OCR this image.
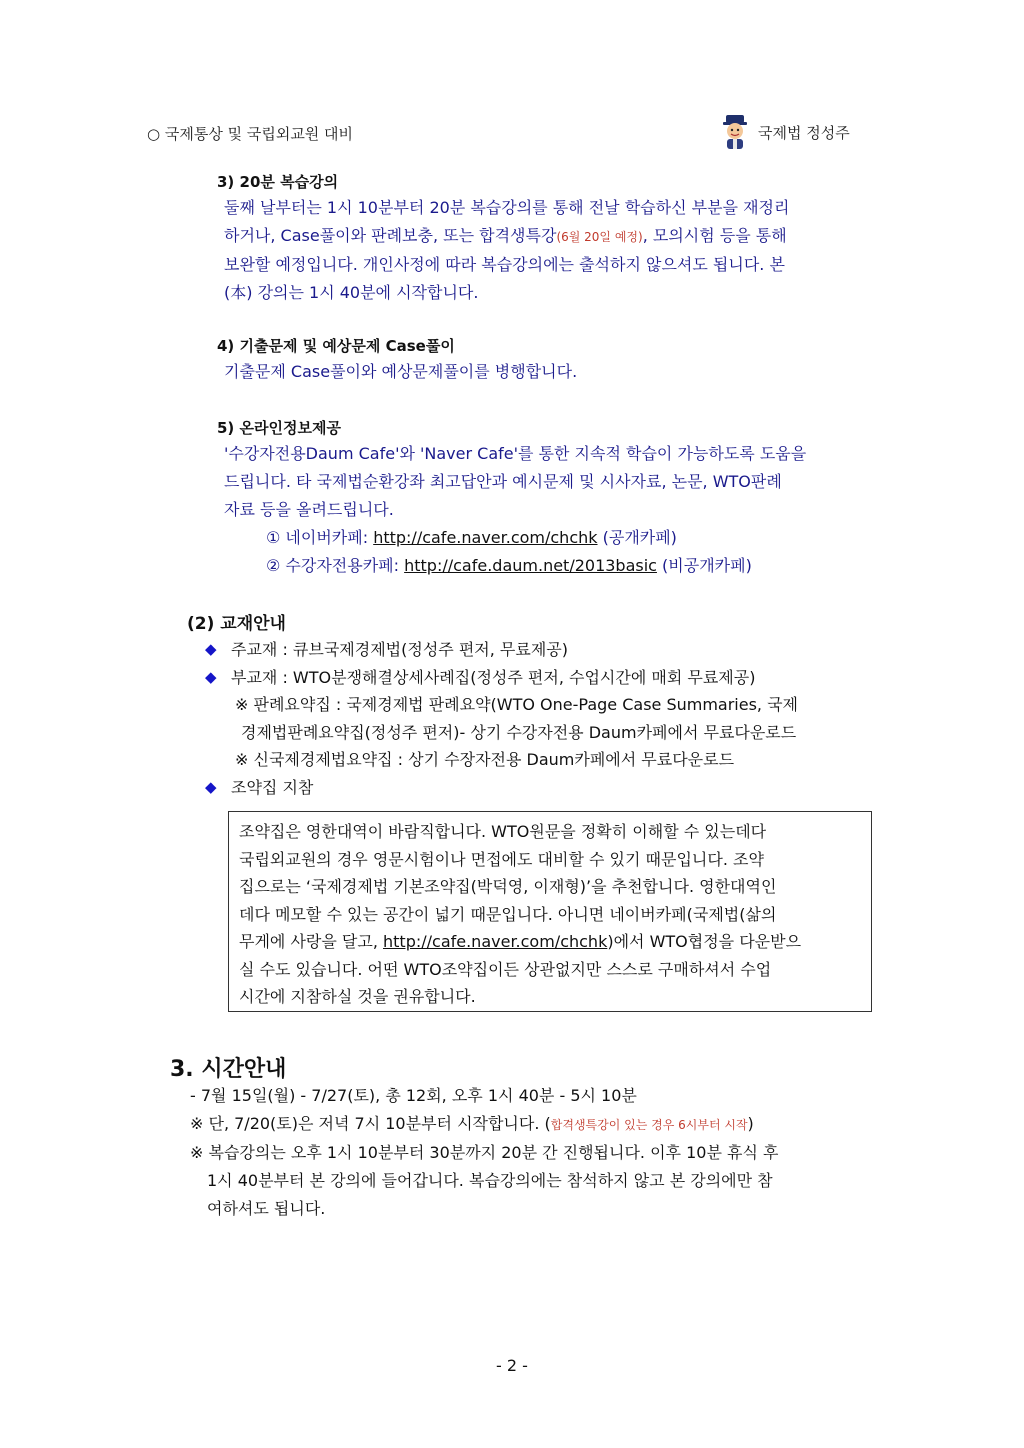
○ 국제통상 및 국립외교원 대비	국제법 정성주
3) 20분 복습강의
둘째 날부터는 1시 10분부터 20분 복습강의를 통해 전날 학습하신 부분을 재정리
하거나, Case풀이와 판례보충, 또는 합격생특강(6월 20일 예정), 모의시험 등을 통해
보완할 예정입니다. 개인사정에 따라 복습강의에는 출석하지 않으셔도 됩니다. 본
(本) 강의는 1시 40분에 시작합니다.
4) 기출문제 및 예상문제 Case풀이
기출문제 Case풀이와 예상문제풀이를 병행합니다.
5) 온라인정보제공
'수강자전용Daum Cafe'와 'Naver Cafe'를 통한 지속적 학습이 가능하도록 도움을
드립니다. 타 국제법순환강좌 최고답안과 예시문제 및 시사자료, 논문, WTO판례
자료 등을 올려드립니다.
① 네이버카페: http://cafe.naver.com/chchk (공개카페)
② 수강자전용카페: http://cafe.daum.net/2013basic (비공개카페)
(2) 교재안내
◆ 주교재 : 큐브국제경제법(정성주 편저, 무료제공)
◆ 부교재 : WTO분쟁해결상세사례집(정성주 편저, 수업시간에 매회 무료제공)
※ 판례요약집 : 국제경제법 판례요약(WTO One-Page Case Summaries, 국제
경제법판례요약집(정성주 편저)- 상기 수강자전용 Daum카페에서 무료다운로드
※ 신국제경제법요약집 : 상기 수장자전용 Daum카페에서 무료다운로드
◆ 조약집 지참

조약집은 영한대역이 바람직합니다. WTO원문을 정확히 이해할 수 있는데다

국립외교원의 경우 영문시험이나 면접에도 대비할 수 있기 때문입니다. 조약

집으로는 ‘국제경제법 기본조약집(박덕영, 이재형)’을 추천합니다. 영한대역인

데다 메모할 수 있는 공간이 넓기 때문입니다. 아니면 네이버카페(국제법(삶의

무게에 사랑을 달고, http://cafe.naver.com/chchk)에서 WTO협정을 다운받으

실 수도 있습니다. 어떤 WTO조약집이든 상관없지만 스스로 구매하셔서 수업

시간에 지참하실 것을 권유합니다.

3. 시간안내
- 7월 15일(월) - 7/27(토), 총 12회, 오후 1시 40분 - 5시 10분
※ 단, 7/20(토)은 저녁 7시 10분부터 시작합니다. (합격생특강이 있는 경우 6시부터 시작)
※ 복습강의는 오후 1시 10분부터 30분까지 20분 간 진행됩니다. 이후 10분 휴식 후
1시 40분부터 본 강의에 들어갑니다. 복습강의에는 참석하지 않고 본 강의에만 참
여하셔도 됩니다.
- 2 -
